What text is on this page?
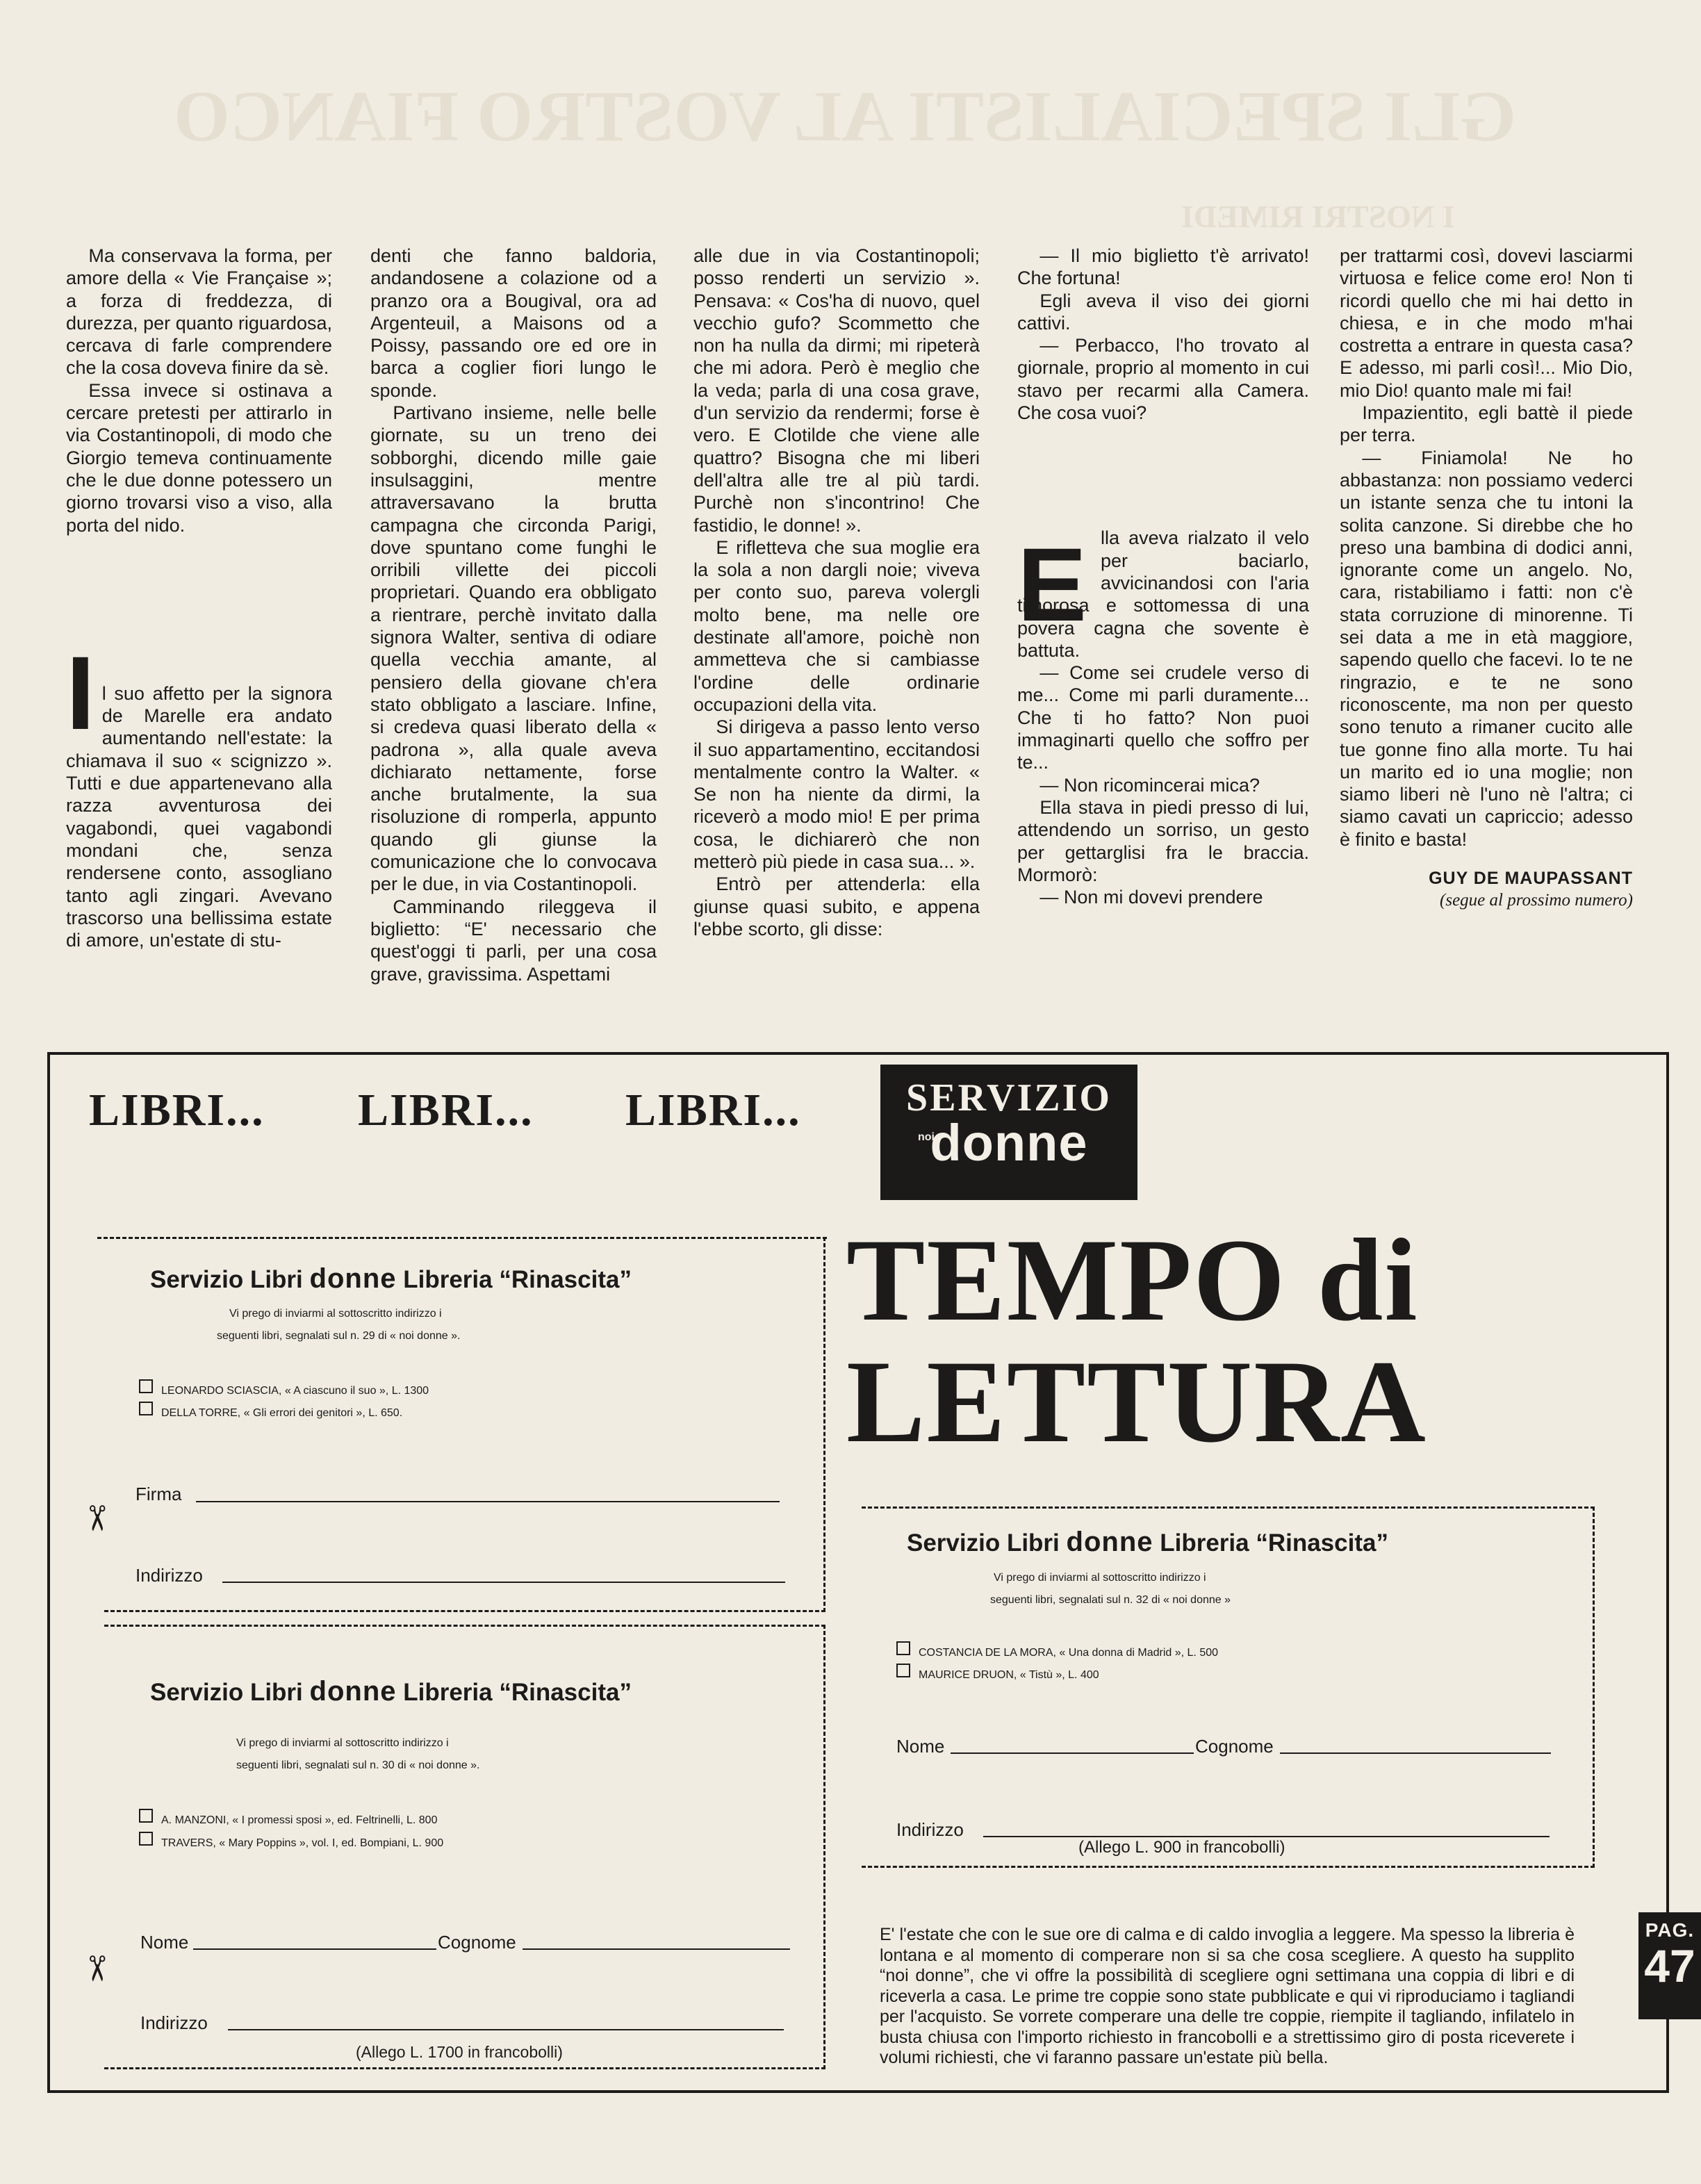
GLI SPECIALISTI AL VOSTRO FIANCO
I NOSTRI RIMEDI

Ma conservava la forma, per amore della « Vie Française »; a forza di freddezza, di durezza, per quanto riguardosa, cercava di farle comprendere che la cosa doveva finire da sè.

Essa invece si ostinava a cercare pretesti per attirarlo in via Costantinopoli, di modo che Giorgio temeva continuamente che le due donne potessero un giorno trovarsi viso a viso, alla porta del nido.

Il suo affetto per la signora de Marelle era andato aumentando nell'estate: la chiamava il suo « scignizzo ». Tutti e due appartenevano alla razza avventurosa dei vagabondi, quei vagabondi mondani che, senza rendersene conto, assogliano tanto agli zingari. Avevano trascorso una bellissima estate di amore, un'estate di stu-

denti che fanno baldoria, andandosene a colazione od a pranzo ora a Bougival, ora ad Argenteuil, a Maisons od a Poissy, passando ore ed ore in barca a coglier fiori lungo le sponde.

Partivano insieme, nelle belle giornate, su un treno dei sobborghi, dicendo mille gaie insulsaggini, mentre attraversavano la brutta campagna che circonda Parigi, dove spuntano come funghi le orribili villette dei piccoli proprietari. Quando era obbligato a rientrare, perchè invitato dalla signora Walter, sentiva di odiare quella vecchia amante, al pensiero della giovane ch'era stato obbligato a lasciare. Infine, si credeva quasi liberato della « padrona », alla quale aveva dichiarato nettamente, forse anche brutalmente, la sua risoluzione di romperla, appunto quando gli giunse la comunicazione che lo convocava per le due, in via Costantinopoli.

Camminando rileggeva il biglietto: “E' necessario che quest'oggi ti parli, per una cosa grave, gravissima. Aspettami

alle due in via Costantinopoli; posso renderti un servizio ». Pensava: « Cos'ha di nuovo, quel vecchio gufo? Scommetto che non ha nulla da dirmi; mi ripeterà che mi adora. Però è meglio che la veda; parla di una cosa grave, d'un servizio da rendermi; forse è vero. E Clotilde che viene alle quattro? Bisogna che mi liberi dell'altra alle tre al più tardi. Purchè non s'incontrino! Che fastidio, le donne! ».

E rifletteva che sua moglie era la sola a non dargli noie; viveva per conto suo, pareva volergli molto bene, ma nelle ore destinate all'amore, poichè non ammetteva che si cambiasse l'ordine delle ordinarie occupazioni della vita.

Si dirigeva a passo lento verso il suo appartamentino, eccitandosi mentalmente contro la Walter. « Se non ha niente da dirmi, la riceverò a modo mio! E per prima cosa, le dichiarerò che non metterò più piede in casa sua... ».

Entrò per attenderla: ella giunse quasi subito, e appena l'ebbe scorto, gli disse:

— Il mio biglietto t'è arrivato! Che fortuna!

Egli aveva il viso dei giorni cattivi.

— Perbacco, l'ho trovato al giornale, proprio al momento in cui stavo per recarmi alla Camera. Che cosa vuoi?

E lla aveva rialzato il velo per baciarlo, avvicinandosi con l'aria timorosa e sottomessa di una povera cagna che sovente è battuta.

— Come sei crudele verso di me... Come mi parli duramente... Che ti ho fatto? Non puoi immaginarti quello che soffro per te...

— Non ricomincerai mica?

Ella stava in piedi presso di lui, attendendo un sorriso, un gesto per gettarglisi fra le braccia. Mormorò:

— Non mi dovevi prendere

per trattarmi così, dovevi lasciarmi virtuosa e felice come ero! Non ti ricordi quello che mi hai detto in chiesa, e in che modo m'hai costretta a entrare in questa casa? E adesso, mi parli così!... Mio Dio, mio Dio! quanto male mi fai!

Impazientito, egli battè il piede per terra.

— Finiamola! Ne ho abbastanza: non possiamo vederci un istante senza che tu intoni la solita canzone. Si direbbe che ho preso una bambina di dodici anni, ignorante come un angelo. No, cara, ristabiliamo i fatti: non c'è stata corruzione di minorenne. Ti sei data a me in età maggiore, sapendo quello che facevi. Io te ne ringrazio, e te ne sono riconoscente, ma non per questo sono tenuto a rimaner cucito alle tue gonne fino alla morte. Tu hai un marito ed io una moglie; non siamo liberi nè l'uno nè l'altra; ci siamo cavati un capriccio; adesso è finito e basta!

GUY DE MAUPASSANT
(segue al prossimo numero)
LIBRI... LIBRI... LIBRI...	SERVIZIO
noi
donne
TEMPO di
LETTURA
Servizio Libri donne Libreria “Rinascita”
Vi prego di inviarmi al sottoscritto indirizzo i
seguenti libri, segnalati sul n. 29 di « noi donne ».
LEONARDO SCIASCIA, « A ciascuno il suo », L. 1300
DELLA TORRE, « Gli errori dei genitori », L. 650.
Firma
Indirizzo
✂
Servizio Libri donne Libreria “Rinascita”
Vi prego di inviarmi al sottoscritto indirizzo i
seguenti libri, segnalati sul n. 30 di « noi donne ».
A. MANZONI, « I promessi sposi », ed. Feltrinelli, L. 800
TRAVERS, « Mary Poppins », vol. I, ed. Bompiani, L. 900
Nome	Cognome
Indirizzo
(Allego L. 1700 in francobolli)
✂
Servizio Libri donne Libreria “Rinascita”
Vi prego di inviarmi al sottoscritto indirizzo i
seguenti libri, segnalati sul n. 32 di « noi donne »
COSTANCIA DE LA MORA, « Una donna di Madrid », L. 500
MAURICE DRUON, « Tistù », L. 400
Nome	Cognome
Indirizzo
(Allego L. 900 in francobolli)
E' l'estate che con le sue ore di calma e di caldo invoglia a leggere. Ma spesso la libreria è lontana e al momento di comperare non si sa che cosa scegliere. A questo ha supplito “noi donne”, che vi offre la possibilità di scegliere ogni settimana una coppia di libri e di riceverla a casa. Le prime tre coppie sono state pubblicate e qui vi riproduciamo i tagliandi per l'acquisto. Se vorrete comperare una delle tre coppie, riempite il tagliando, infilatelo in busta chiusa con l'importo richiesto in francobolli e a strettissimo giro di posta riceverete i volumi richiesti, che vi faranno passare un'estate più bella.
PAG.
47
